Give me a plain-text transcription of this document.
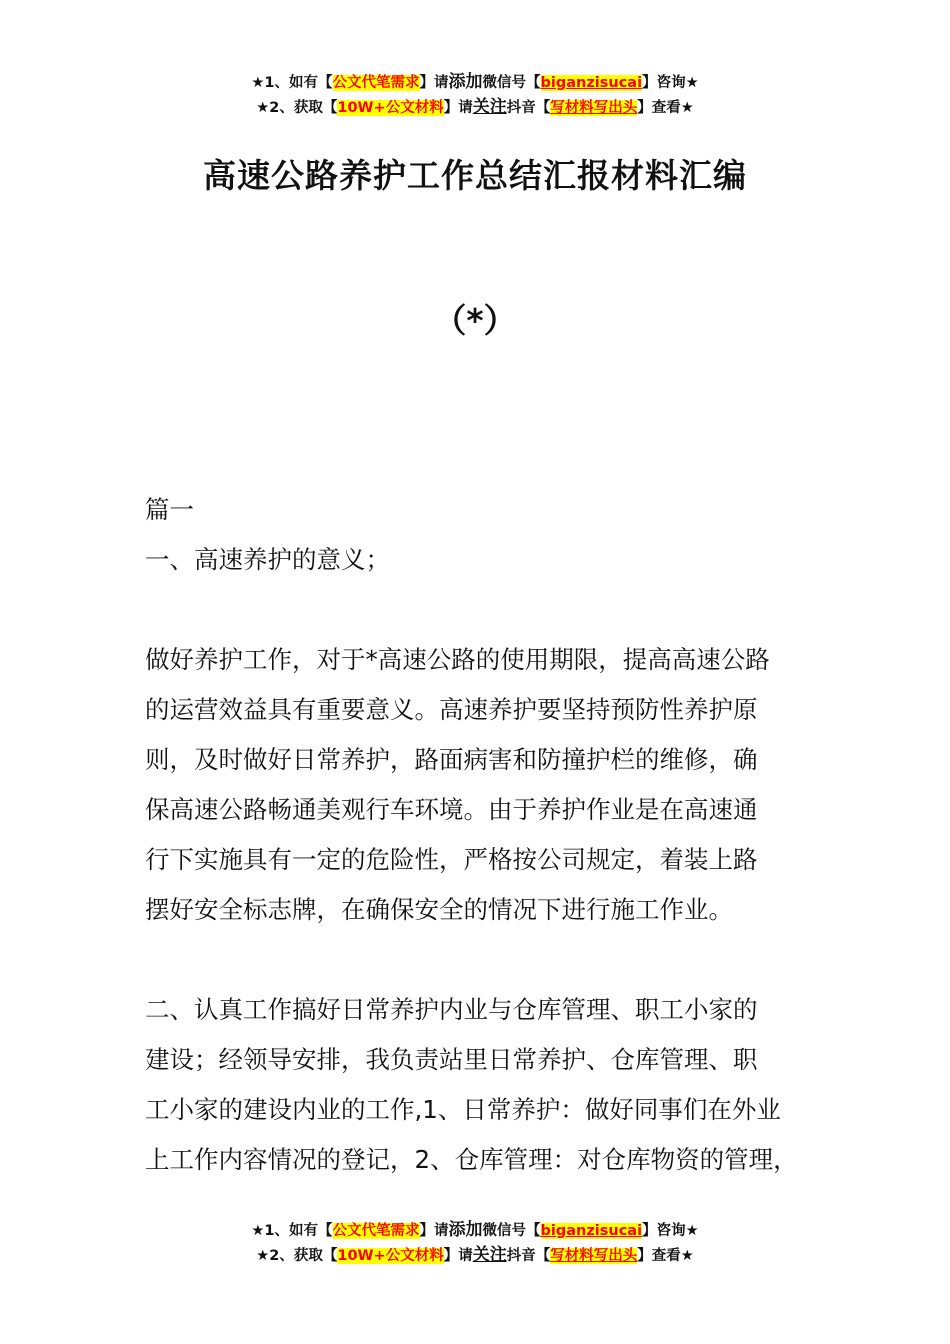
★1、如有【公文代笔需求】请添加微信号【biganzisucai】咨询★
★2、获取【10W+公文材料】请关注抖音【写材料写出头】查看★
高速公路养护工作总结汇报材料汇编
（*）

篇一

一、高速养护的意义；

做好养护工作，对于*高速公路的使用期限，提高高速公路

的运营效益具有重要意义。高速养护要坚持预防性养护原

则，及时做好日常养护，路面病害和防撞护栏的维修，确

保高速公路畅通美观行车环境。由于养护作业是在高速通

行下实施具有一定的危险性，严格按公司规定，着装上路

摆好安全标志牌，在确保安全的情况下进行施工作业。

二、认真工作搞好日常养护内业与仓库管理、职工小家的

建设；经领导安排，我负责站里日常养护、仓库管理、职

工小家的建设内业的工作,1、日常养护：做好同事们在外业

上工作内容情况的登记，2、仓库管理：对仓库物资的管理，

★1、如有【公文代笔需求】请添加微信号【biganzisucai】咨询★
★2、获取【10W+公文材料】请关注抖音【写材料写出头】查看★
